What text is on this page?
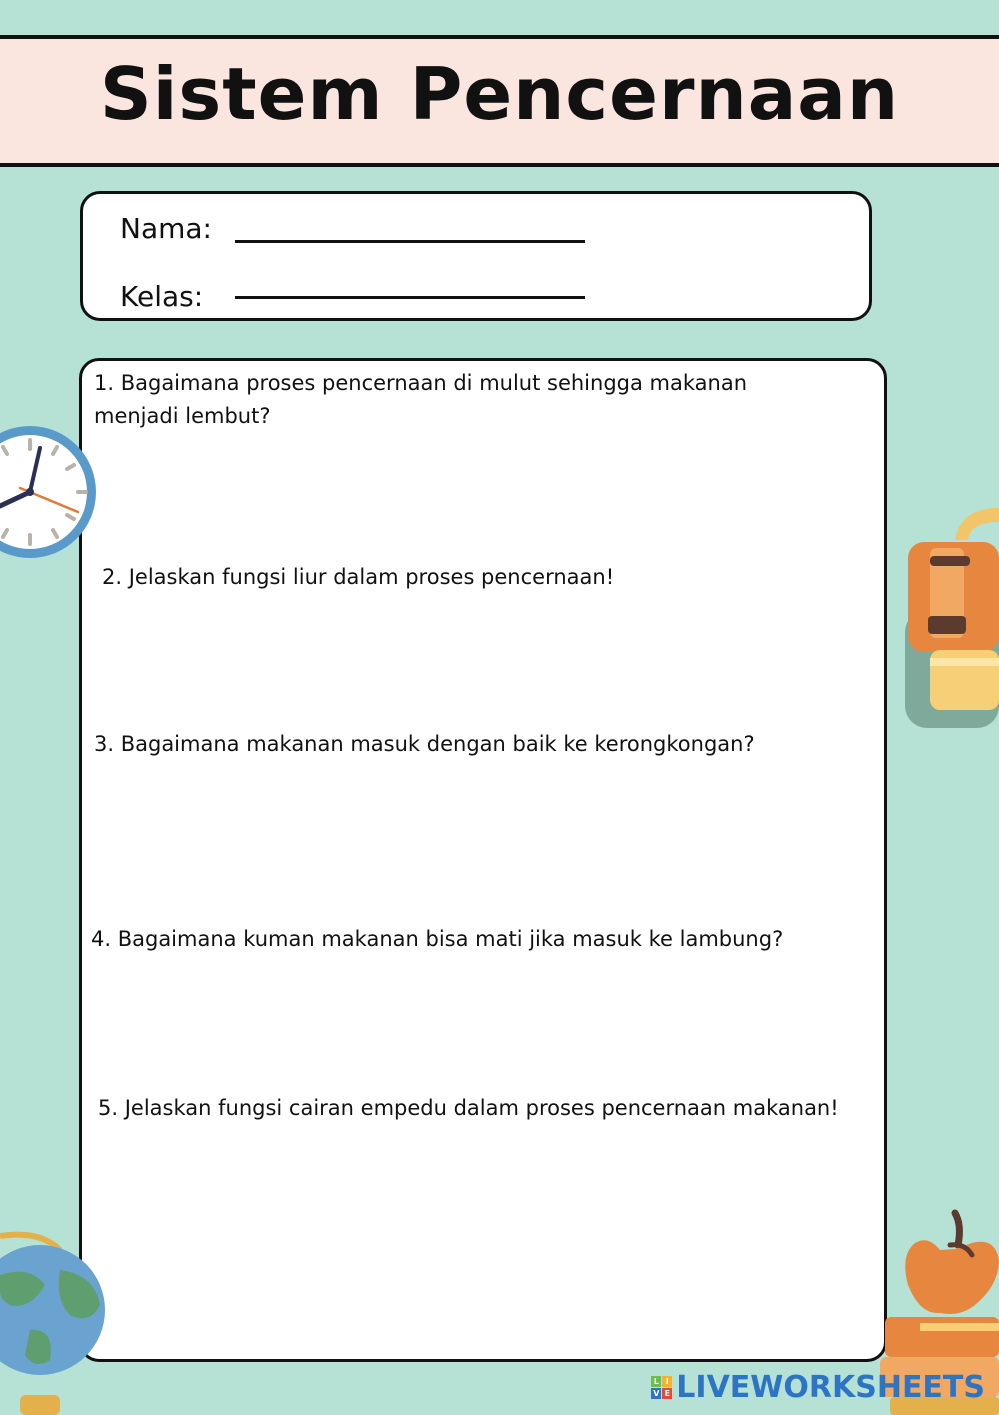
Sistem Pencernaan
Nama:
Kelas:
1. Bagaimana proses pencernaan di mulut sehingga makanan menjadi lembut?
2. Jelaskan fungsi liur dalam proses pencernaan!
3. Bagaimana makanan masuk dengan baik ke kerongkongan?
4. Bagaimana kuman makanan bisa mati jika masuk ke lambung?
5. Jelaskan fungsi cairan empedu dalam proses pencernaan makanan!
L I
V E LIVEWORKSHEETS
